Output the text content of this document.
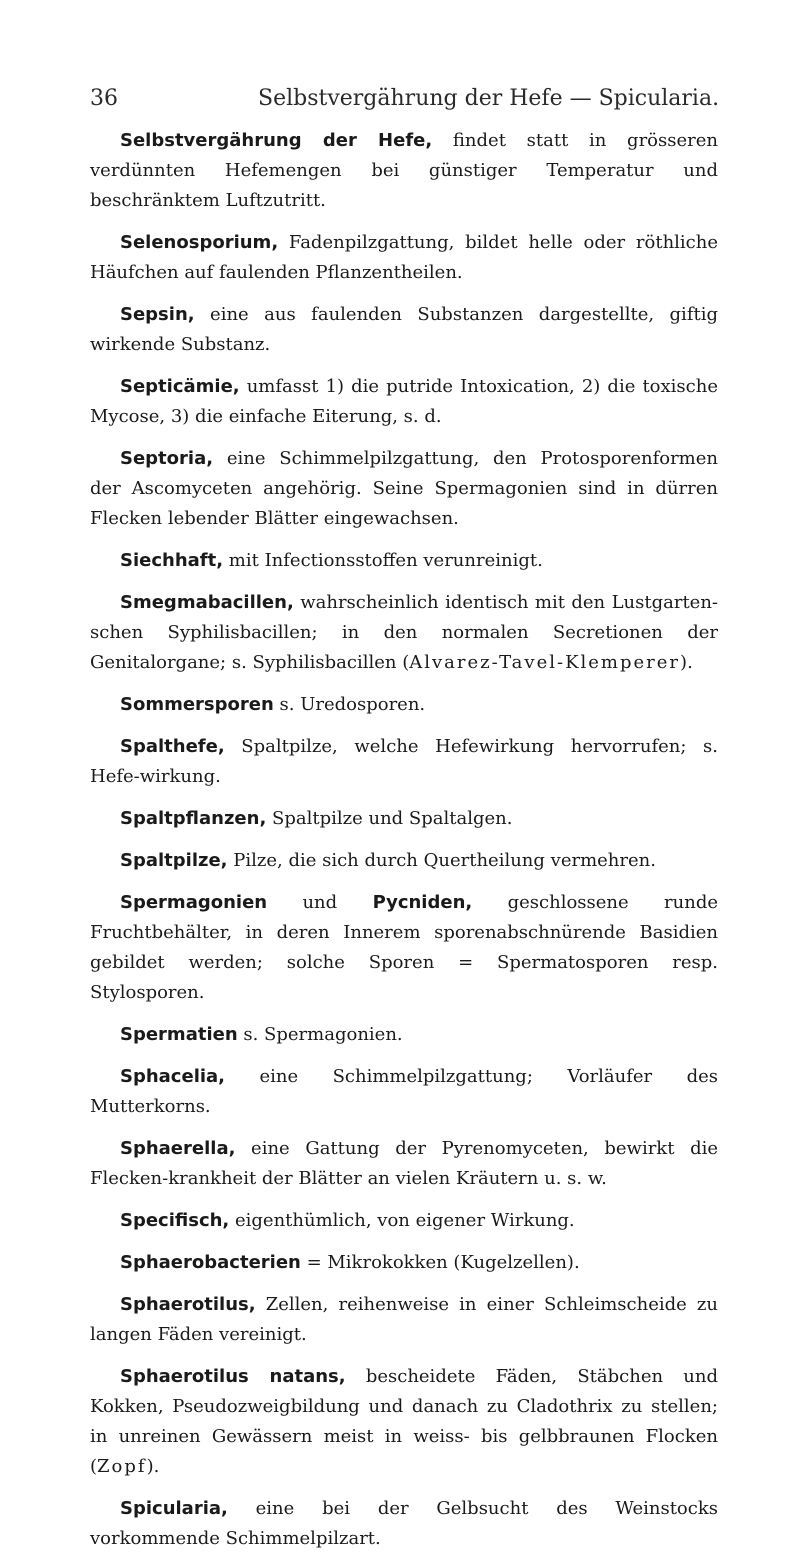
36	Selbstvergährung der Hefe — Spicularia.

Selbstvergährung der Hefe, findet statt in grösseren verdünnten Hefemengen bei günstiger Temperatur und beschränktem Luftzutritt.

Selenosporium, Fadenpilzgattung, bildet helle oder röthliche Häufchen auf faulenden Pflanzentheilen.

Sepsin, eine aus faulenden Substanzen dargestellte, giftig wirkende Substanz.

Septicämie, umfasst 1) die putride Intoxication, 2) die toxische Mycose, 3) die einfache Eiterung, s. d.

Septoria, eine Schimmelpilzgattung, den Protosporenformen der Ascomyceten angehörig. Seine Spermagonien sind in dürren Flecken lebender Blätter eingewachsen.

Siechhaft, mit Infectionsstoffen verunreinigt.

Smegmabacillen, wahrscheinlich identisch mit den Lustgarten-schen Syphilisbacillen; in den normalen Secretionen der Genitalorgane; s. Syphilisbacillen (Alvarez-Tavel-Klemperer).

Sommersporen s. Uredosporen.

Spalthefe, Spaltpilze, welche Hefewirkung hervorrufen; s. Hefe-wirkung.

Spaltpflanzen, Spaltpilze und Spaltalgen.

Spaltpilze, Pilze, die sich durch Quertheilung vermehren.

Spermagonien und Pycniden, geschlossene runde Fruchtbehälter, in deren Innerem sporenabschnürende Basidien gebildet werden; solche Sporen = Spermatosporen resp. Stylosporen.

Spermatien s. Spermagonien.

Sphacelia, eine Schimmelpilzgattung; Vorläufer des Mutterkorns.

Sphaerella, eine Gattung der Pyrenomyceten, bewirkt die Flecken-krankheit der Blätter an vielen Kräutern u. s. w.

Specifisch, eigenthümlich, von eigener Wirkung.

Sphaerobacterien = Mikrokokken (Kugelzellen).

Sphaerotilus, Zellen, reihenweise in einer Schleimscheide zu langen Fäden vereinigt.

Sphaerotilus natans, bescheidete Fäden, Stäbchen und Kokken, Pseudozweigbildung und danach zu Cladothrix zu stellen; in unreinen Gewässern meist in weiss- bis gelbbraunen Flocken (Zopf).

Spicularia, eine bei der Gelbsucht des Weinstocks vorkommende Schimmelpilzart.
